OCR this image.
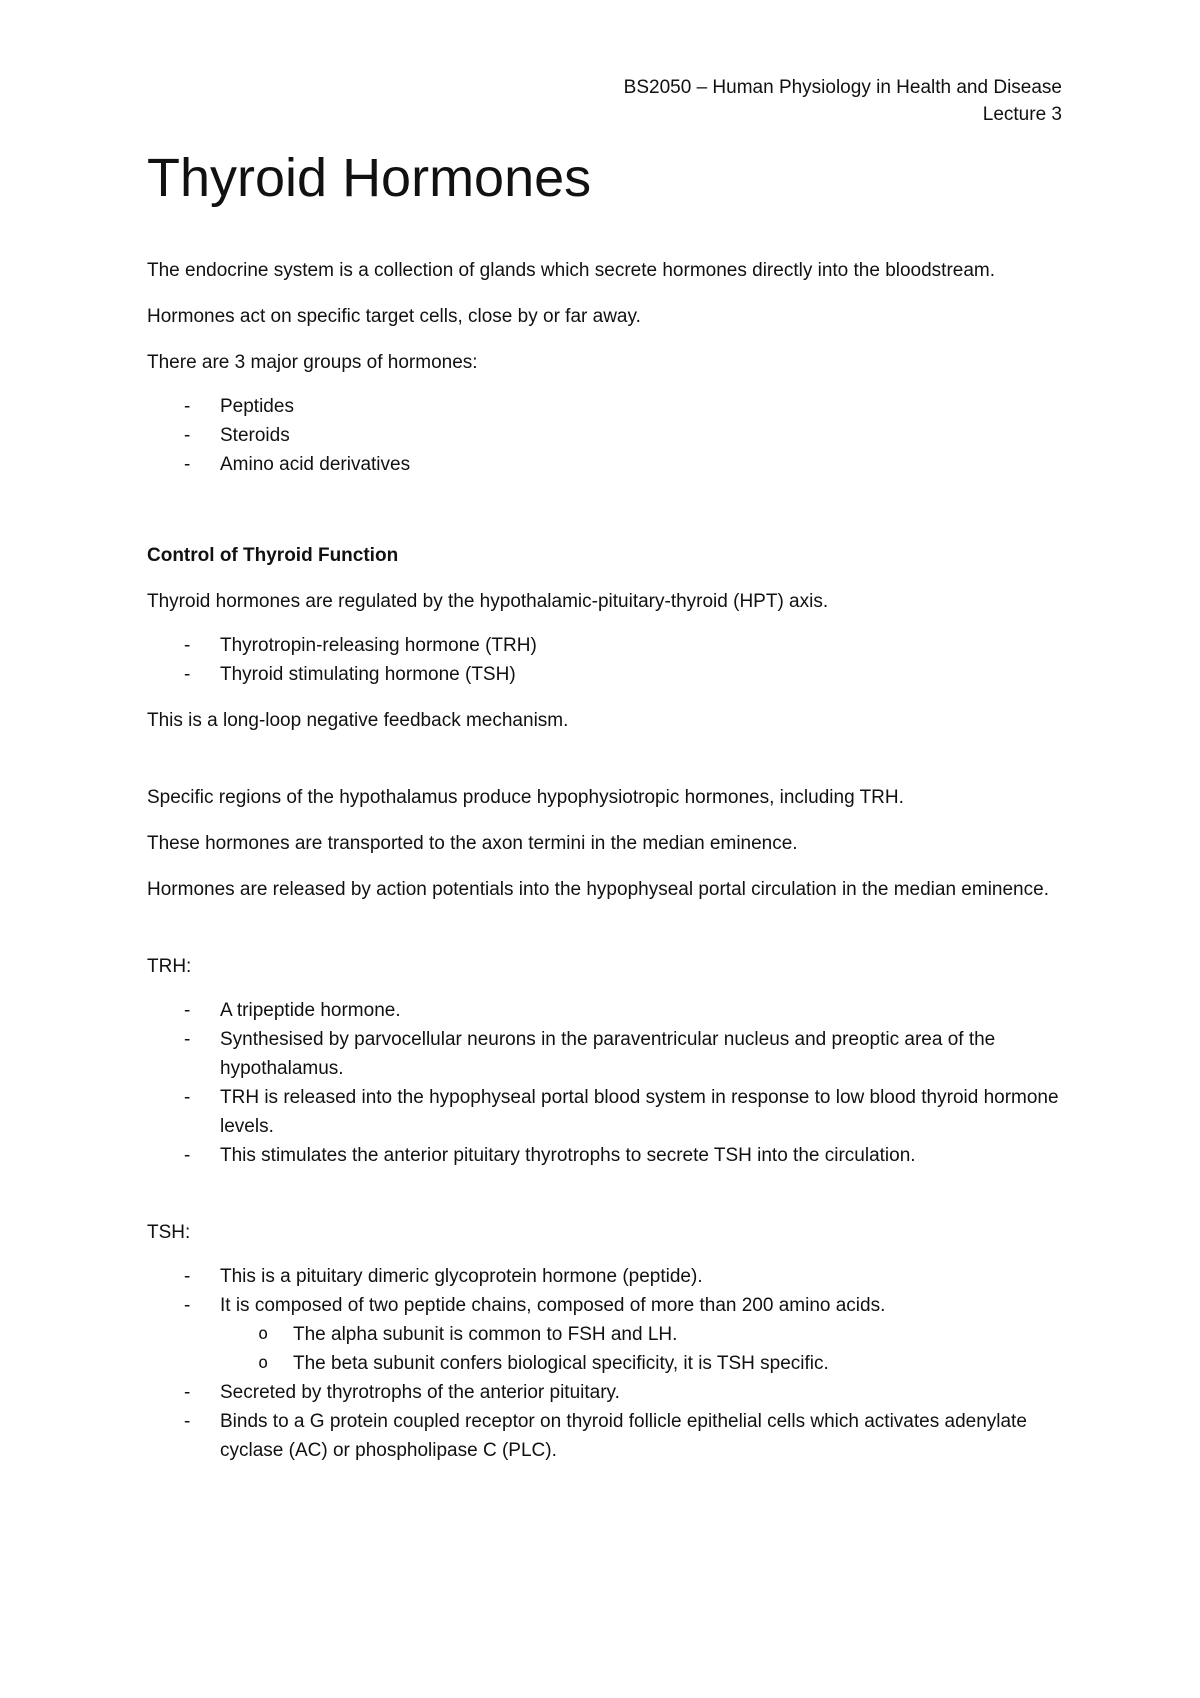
BS2050 – Human Physiology in Health and Disease
Lecture 3
Thyroid Hormones

The endocrine system is a collection of glands which secrete hormones directly into the bloodstream.

Hormones act on specific target cells, close by or far away.

There are 3 major groups of hormones:

- Peptides
- Steroids
- Amino acid derivatives

Control of Thyroid Function

Thyroid hormones are regulated by the hypothalamic-pituitary-thyroid (HPT) axis.

- Thyrotropin-releasing hormone (TRH)
- Thyroid stimulating hormone (TSH)

This is a long-loop negative feedback mechanism.

Specific regions of the hypothalamus produce hypophysiotropic hormones, including TRH.

These hormones are transported to the axon termini in the median eminence.

Hormones are released by action potentials into the hypophyseal portal circulation in the median eminence.

TRH:

- A tripeptide hormone.
- Synthesised by parvocellular neurons in the paraventricular nucleus and preoptic area of the hypothalamus.
- TRH is released into the hypophyseal portal blood system in response to low blood thyroid hormone levels.
- This stimulates the anterior pituitary thyrotrophs to secrete TSH into the circulation.

TSH:

- This is a pituitary dimeric glycoprotein hormone (peptide).
- It is composed of two peptide chains, composed of more than 200 amino acids.
o The alpha subunit is common to FSH and LH.
o The beta subunit confers biological specificity, it is TSH specific.
- Secreted by thyrotrophs of the anterior pituitary.
- Binds to a G protein coupled receptor on thyroid follicle epithelial cells which activates adenylate cyclase (AC) or phospholipase C (PLC).
